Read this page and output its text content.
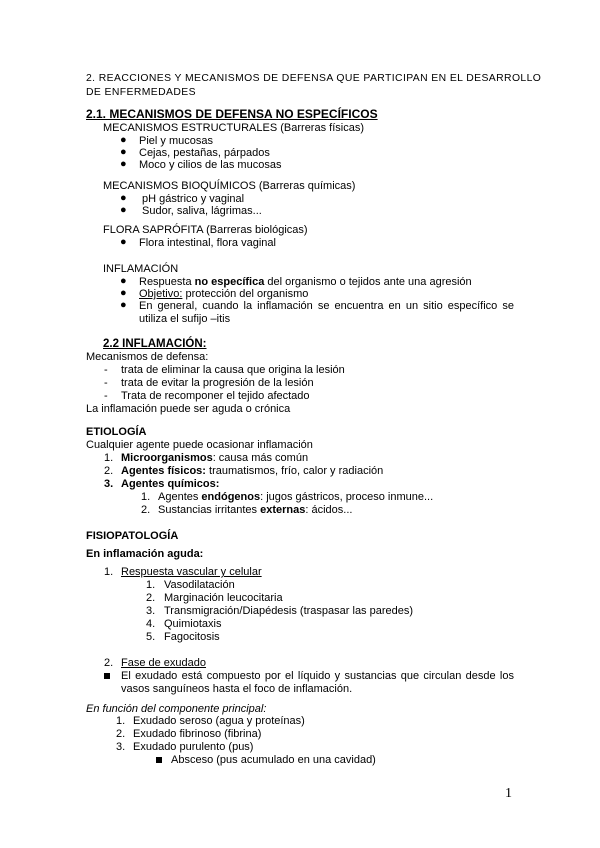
2. REACCIONES Y MECANISMOS DE DEFENSA QUE PARTICIPAN EN EL DESARROLLO
DE ENFERMEDADES
2.1. MECANISMOS DE DEFENSA NO ESPECÍFICOS
MECANISMOS ESTRUCTURALES (Barreras físicas)
● Piel y mucosas
● Cejas, pestañas, párpados
● Moco y cilios de las mucosas
MECANISMOS BIOQUÍMICOS (Barreras químicas)
● pH gástrico y vaginal
● Sudor, saliva, lágrimas...
FLORA SAPRÓFITA (Barreras biológicas)
● Flora intestinal, flora vaginal
INFLAMACIÓN
● Respuesta no específica del organismo o tejidos ante una agresión
● Objetivo: protección del organismo
● En general, cuando la inflamación se encuentra en un sitio específico se
utiliza el sufijo –itis
2.2 INFLAMACIÓN:
Mecanismos de defensa:
- trata de eliminar la causa que origina la lesión
- trata de evitar la progresión de la lesión
- Trata de recomponer el tejido afectado
La inflamación puede ser aguda o crónica
ETIOLOGÍA
Cualquier agente puede ocasionar inflamación
1. Microorganismos: causa más común
2. Agentes físicos: traumatismos, frío, calor y radiación
3. Agentes químicos:
1. Agentes endógenos: jugos gástricos, proceso inmune...
2. Sustancias irritantes externas: ácidos...
FISIOPATOLOGÍA
En inflamación aguda:
1. Respuesta vascular y celular
1. Vasodilatación
2. Marginación leucocitaria
3. Transmigración/Diapédesis (traspasar las paredes)
4. Quimiotaxis
5. Fagocitosis
2. Fase de exudado
El exudado está compuesto por el líquido y sustancias que circulan desde los
vasos sanguíneos hasta el foco de inflamación.
En función del componente principal:
1. Exudado seroso (agua y proteínas)
2. Exudado fibrinoso (fibrina)
3. Exudado purulento (pus)
Absceso (pus acumulado en una cavidad)
1
